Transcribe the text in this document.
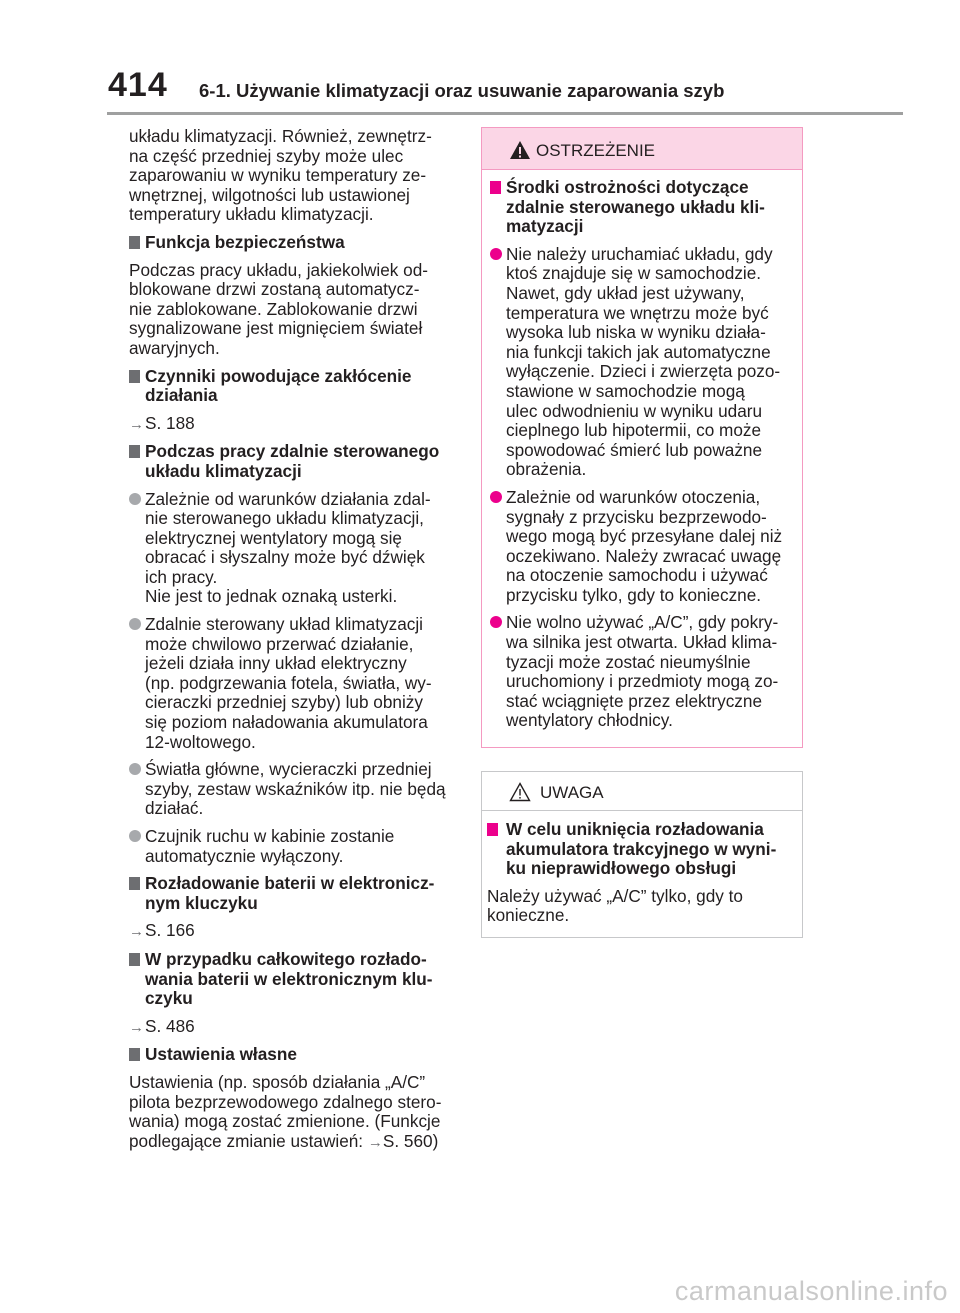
414 6-1. Używanie klimatyzacji oraz usuwanie zaparowania szyb

układu klimatyzacji. Również, zewnętrz-
na część przedniej szyby może ulec
zaparowaniu w wyniku temperatury ze-
wnętrznej, wilgotności lub ustawionej
temperatury układu klimatyzacji.

Funkcja bezpieczeństwa

Podczas pracy układu, jakiekolwiek od-
blokowane drzwi zostaną automatycz-
nie zablokowane. Zablokowanie drzwi
sygnalizowane jest mignięciem świateł
awaryjnych.

Czynniki powodujące zakłócenie
działania
→S. 188
Podczas pracy zdalnie sterowanego
układu klimatyzacji
Zależnie od warunków działania zdal-
nie sterowanego układu klimatyzacji,
elektrycznej wentylatory mogą się
obracać i słyszalny może być dźwięk
ich pracy.
Nie jest to jednak oznaką usterki.
Zdalnie sterowany układ klimatyzacji
może chwilowo przerwać działanie,
jeżeli działa inny układ elektryczny
(np. podgrzewania fotela, światła, wy-
cieraczki przedniej szyby) lub obniży
się poziom naładowania akumulatora
12-woltowego.
Światła główne, wycieraczki przedniej
szyby, zestaw wskaźników itp. nie będą
działać.
Czujnik ruchu w kabinie zostanie
automatycznie wyłączony.
Rozładowanie baterii w elektronicz-
nym kluczyku
→S. 166
W przypadku całkowitego rozłado-
wania baterii w elektronicznym klu-
czyku
→S. 486
Ustawienia własne

Ustawienia (np. sposób działania „A/C”
pilota bezprzewodowego zdalnego stero-
wania) mogą zostać zmienione. (Funkcje
podlegające zmianie ustawień: →S. 560)

OSTRZEŻENIE
Środki ostrożności dotyczące
zdalnie sterowanego układu kli-
matyzacji
Nie należy uruchamiać układu, gdy
ktoś znajduje się w samochodzie.
Nawet, gdy układ jest używany,
temperatura we wnętrzu może być
wysoka lub niska w wyniku działa-
nia funkcji takich jak automatyczne
wyłączenie. Dzieci i zwierzęta pozo-
stawione w samochodzie mogą
ulec odwodnieniu w wyniku udaru
cieplnego lub hipotermii, co może
spowodować śmierć lub poważne
obrażenia.
Zależnie od warunków otoczenia,
sygnały z przycisku bezprzewodo-
wego mogą być przesyłane dalej niż
oczekiwano. Należy zwracać uwagę
na otoczenie samochodu i używać
przycisku tylko, gdy to konieczne.
Nie wolno używać „A/C”, gdy pokry-
wa silnika jest otwarta. Układ klima-
tyzacji może zostać nieumyślnie
uruchomiony i przedmioty mogą zo-
stać wciągnięte przez elektryczne
wentylatory chłodnicy.
UWAGA
W celu uniknięcia rozładowania
akumulatora trakcyjnego w wyni-
ku nieprawidłowego obsługi

Należy używać „A/C” tylko, gdy to
konieczne.

carmanualsonline.info
